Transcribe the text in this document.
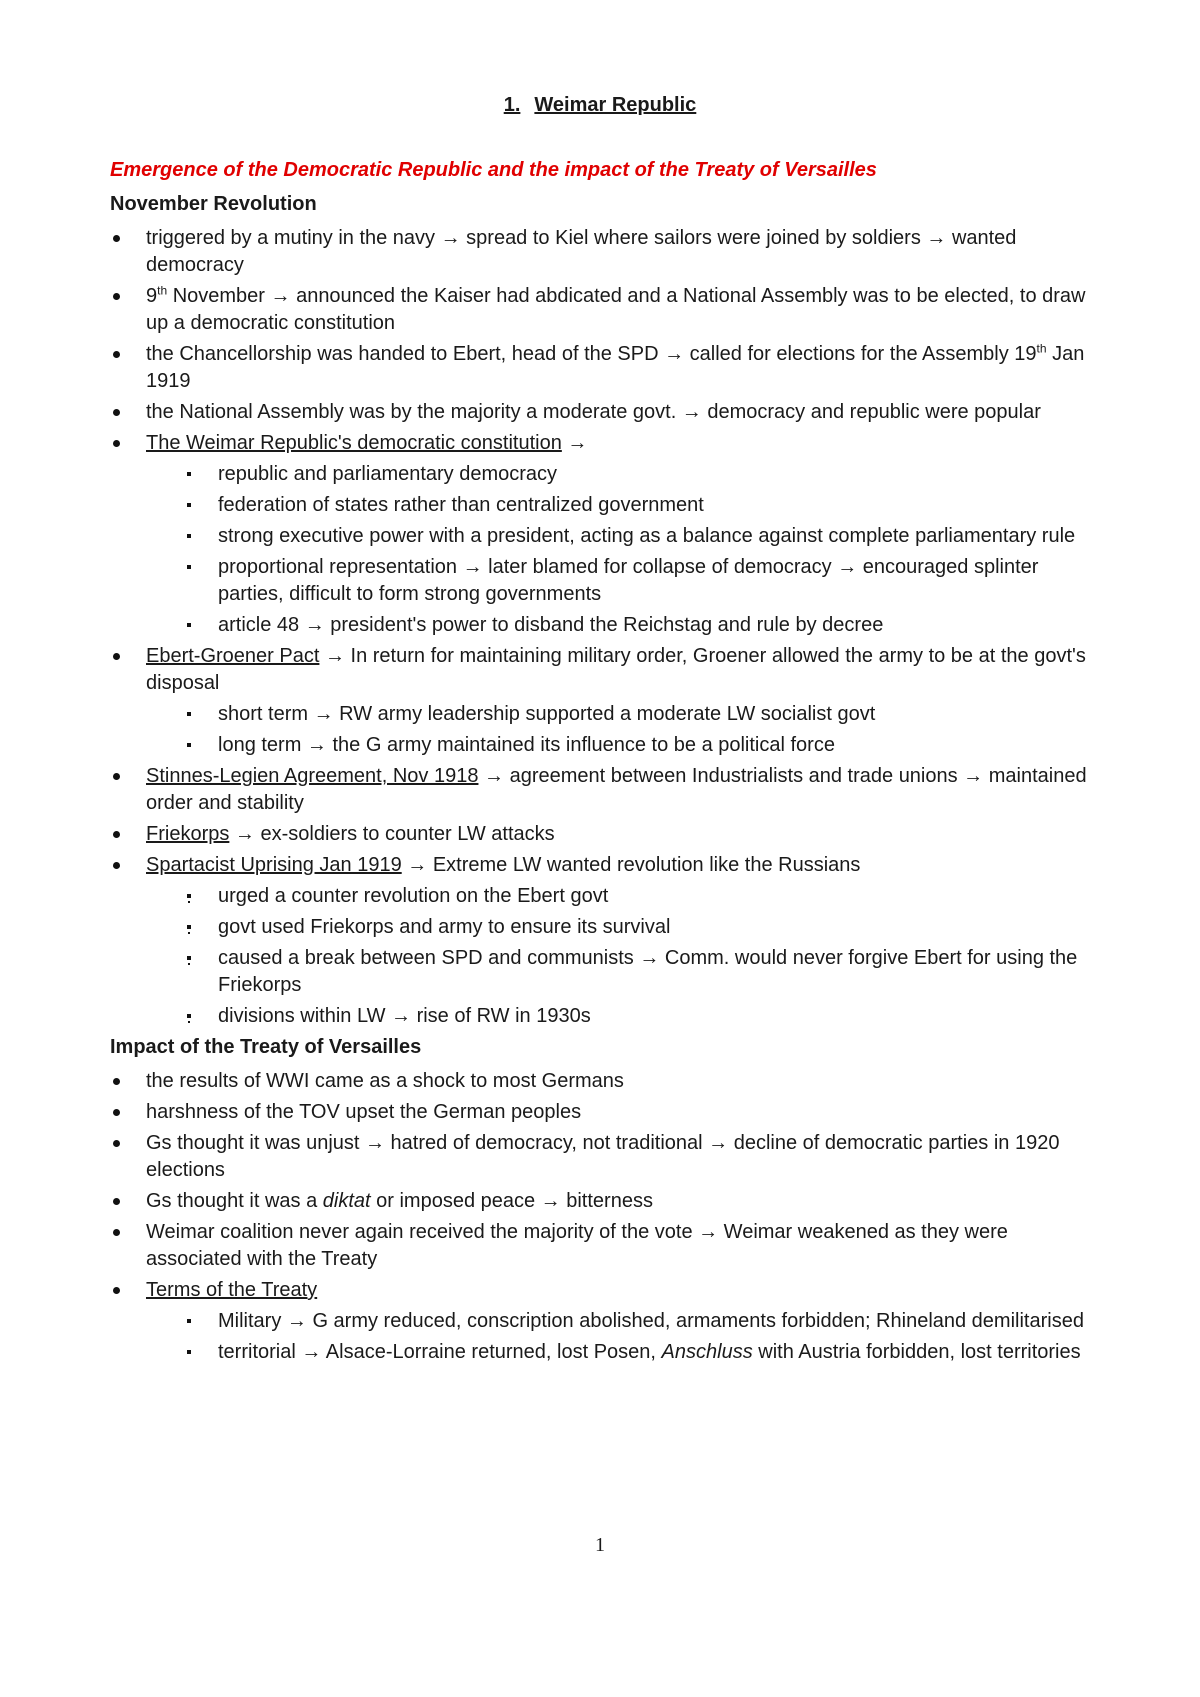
1. Weimar Republic
Emergence of the Democratic Republic and the impact of the Treaty of Versailles
November Revolution
triggered by a mutiny in the navy → spread to Kiel where sailors were joined by soldiers → wanted democracy
9th November → announced the Kaiser had abdicated and a National Assembly was to be elected, to draw up a democratic constitution
the Chancellorship was handed to Ebert, head of the SPD → called for elections for the Assembly 19th Jan 1919
the National Assembly was by the majority a moderate govt. → democracy and republic were popular
The Weimar Republic's democratic constitution →
republic and parliamentary democracy
federation of states rather than centralized government
strong executive power with a president, acting as a balance against complete parliamentary rule
proportional representation → later blamed for collapse of democracy → encouraged splinter parties, difficult to form strong governments
article 48 → president's power to disband the Reichstag and rule by decree
Ebert-Groener Pact → In return for maintaining military order, Groener allowed the army to be at the govt's disposal
short term → RW army leadership supported a moderate LW socialist govt
long term → the G army maintained its influence to be a political force
Stinnes-Legien Agreement, Nov 1918 → agreement between Industrialists and trade unions → maintained order and stability
Friekorps → ex-soldiers to counter LW attacks
Spartacist Uprising Jan 1919 → Extreme LW wanted revolution like the Russians
urged a counter revolution on the Ebert govt
govt used Friekorps and army to ensure its survival
caused a break between SPD and communists → Comm. would never forgive Ebert for using the Friekorps
divisions within LW → rise of RW in 1930s
Impact of the Treaty of Versailles
the results of WWI came as a shock to most Germans
harshness of the TOV upset the German peoples
Gs thought it was unjust → hatred of democracy, not traditional → decline of democratic parties in 1920 elections
Gs thought it was a diktat or imposed peace → bitterness
Weimar coalition never again received the majority of the vote → Weimar weakened as they were associated with the Treaty
Terms of the Treaty
Military → G army reduced, conscription abolished, armaments forbidden; Rhineland demilitarised
territorial → Alsace-Lorraine returned, lost Posen, Anschluss with Austria forbidden, lost territories
1
